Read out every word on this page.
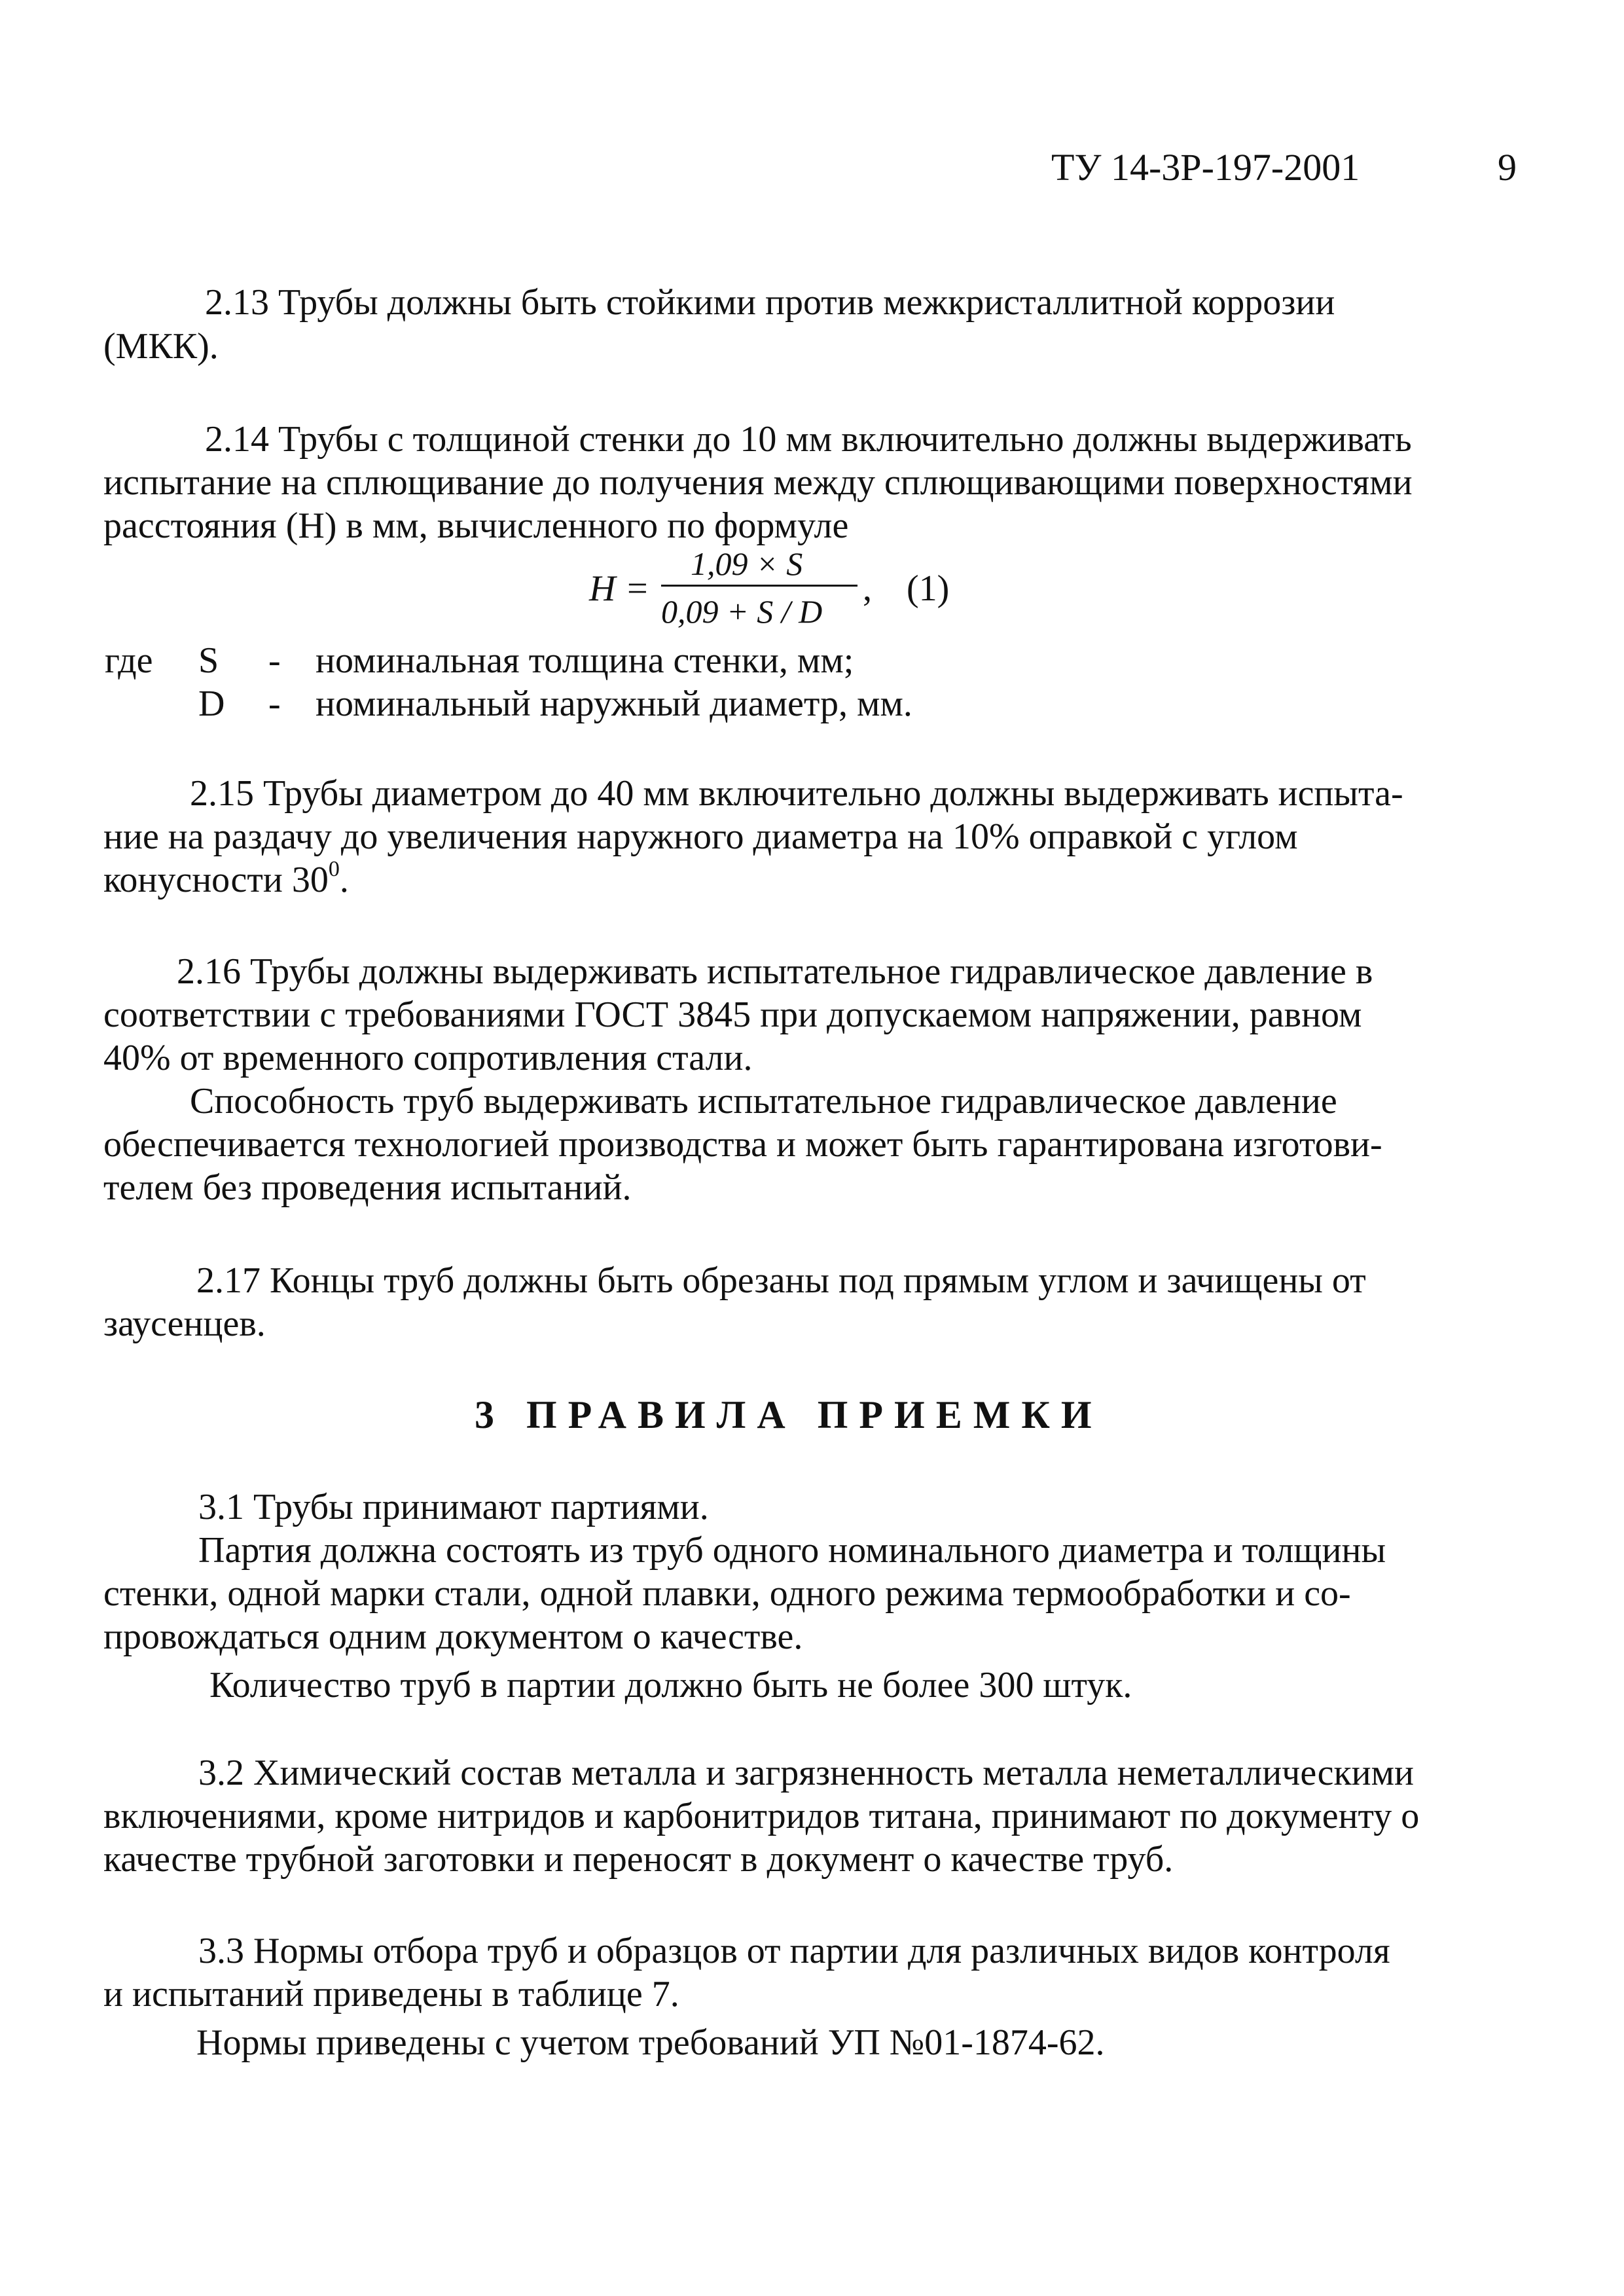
ТУ 14-3Р-197-2001	9
2.13 Трубы должны быть стойкими против межкристаллитной коррозии
(МКК).
2.14 Трубы с толщиной стенки до 10 мм включительно должны выдерживать
испытание на сплющивание до получения между сплющивающими поверхностями
расстояния (Н) в мм, вычисленного по формуле
H =
1,09 × S
0,09 + S / D
, (1)
где S - номинальная толщина стенки, мм;
D - номинальный наружный диаметр, мм.
2.15 Трубы диаметром до 40 мм включительно должны выдерживать испыта-
ние на раздачу до увеличения наружного диаметра на 10% оправкой с углом
конусности $30^0$.
2.16 Трубы должны выдерживать испытательное гидравлическое давление в
соответствии с требованиями ГОСТ 3845 при допускаемом напряжении, равном
40% от временного сопротивления стали.
Способность труб выдерживать испытательное гидравлическое давление
обеспечивается технологией производства и может быть гарантирована изготови-
телем без проведения испытаний.
2.17 Концы труб должны быть обрезаны под прямым углом и зачищены от
заусенцев.
3 ПРАВИЛА ПРИЕМКИ
3.1 Трубы принимают партиями.
Партия должна состоять из труб одного номинального диаметра и толщины
стенки, одной марки стали, одной плавки, одного режима термообработки и со-
провождаться одним документом о качестве.
Количество труб в партии должно быть не более 300 штук.
3.2 Химический состав металла и загрязненность металла неметаллическими
включениями, кроме нитридов и карбонитридов титана, принимают по документу о
качестве трубной заготовки и переносят в документ о качестве труб.
3.3 Нормы отбора труб и образцов от партии для различных видов контроля
и испытаний приведены в таблице 7.
Нормы приведены с учетом требований УП №01-1874-62.
